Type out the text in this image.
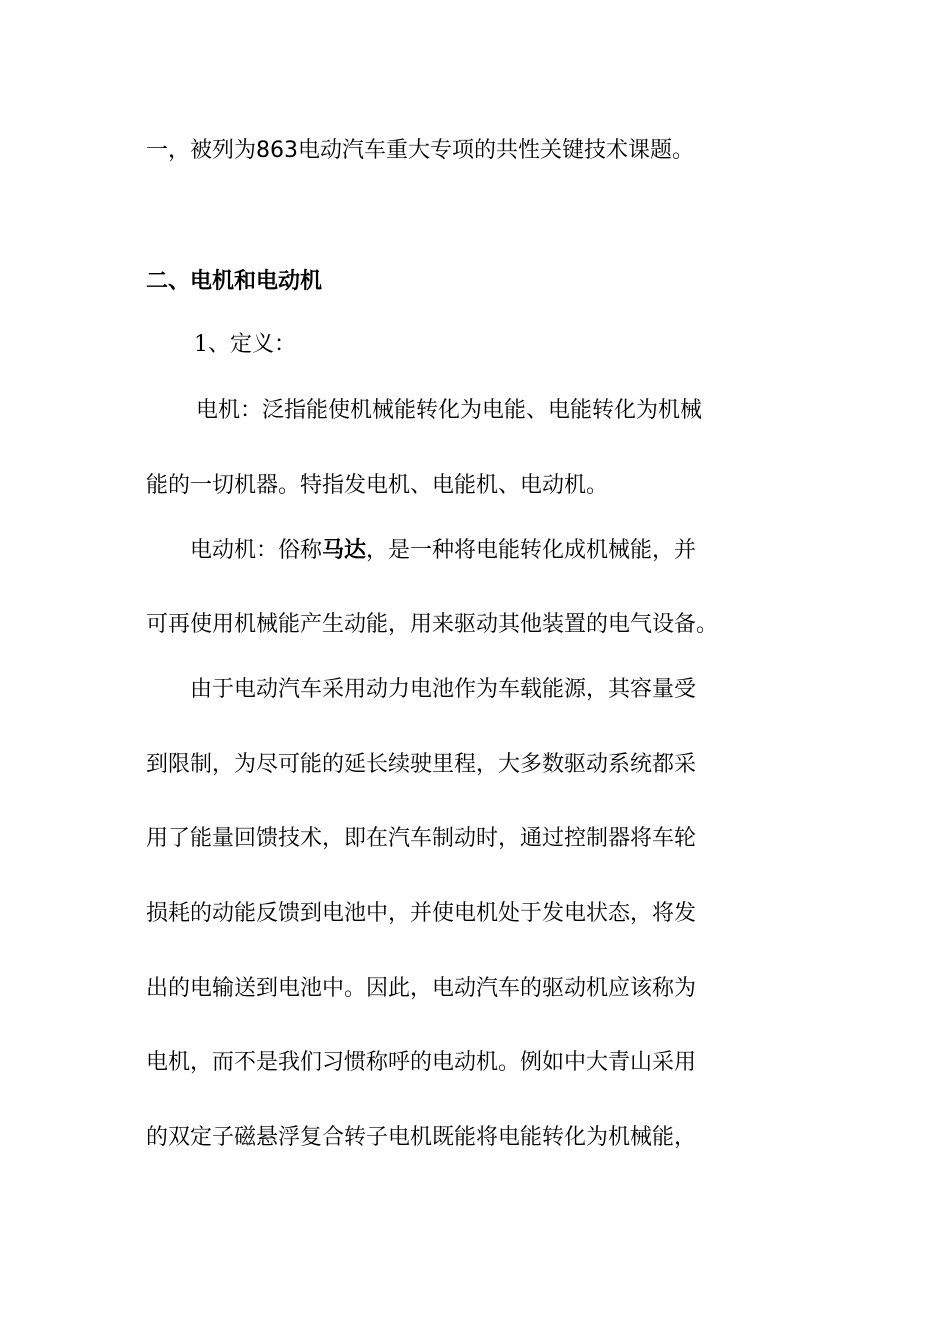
一，被列为863电动汽车重大专项的共性关键技术课题。

二、电机和电动机

1、定义：

电机：泛指能使机械能转化为电能、电能转化为机械

能的一切机器。特指发电机、电能机、电动机。

电动机：俗称马达，是一种将电能转化成机械能，并

可再使用机械能产生动能，用来驱动其他装置的电气设备。

由于电动汽车采用动力电池作为车载能源，其容量受

到限制，为尽可能的延长续驶里程，大多数驱动系统都采

用了能量回馈技术，即在汽车制动时，通过控制器将车轮

损耗的动能反馈到电池中，并使电机处于发电状态，将发

出的电输送到电池中。因此，电动汽车的驱动机应该称为

电机，而不是我们习惯称呼的电动机。例如中大青山采用

的双定子磁悬浮复合转子电机既能将电能转化为机械能，
